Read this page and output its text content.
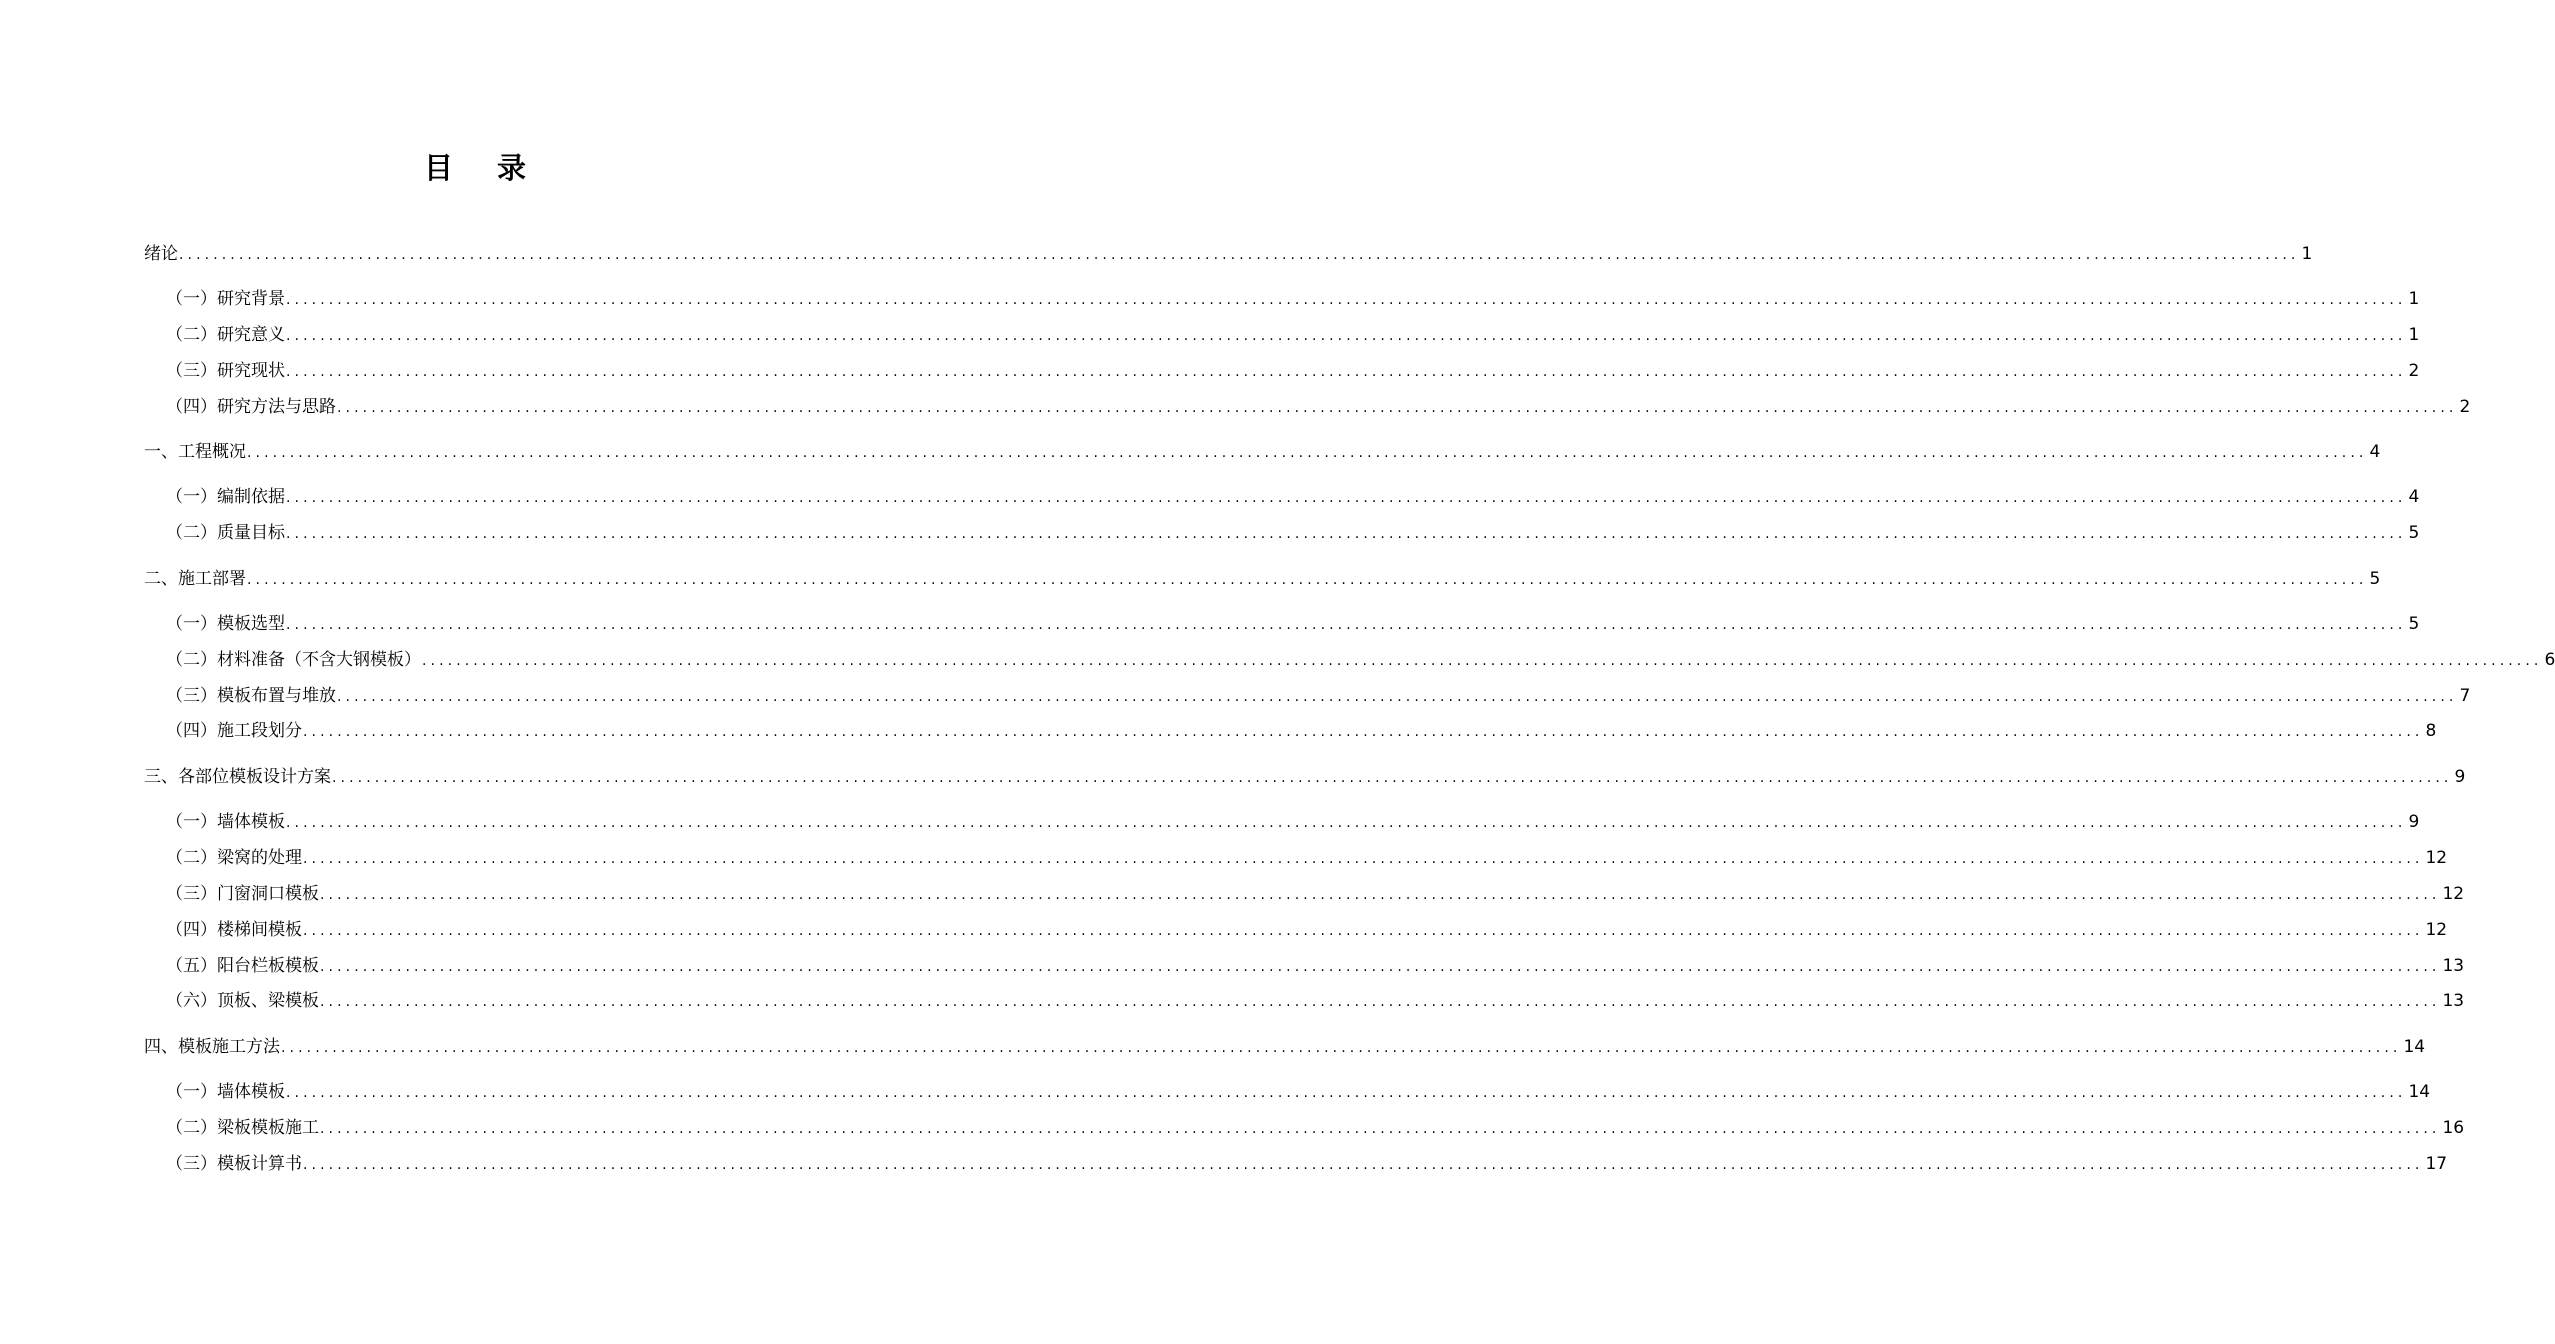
目 录
绪论 ........................................................................................................................................................................................................................................................ 1
（一）研究背景 ........................................................................................................................................................................................................................................................ 1
（二）研究意义 ........................................................................................................................................................................................................................................................ 1
（三）研究现状 ........................................................................................................................................................................................................................................................ 2
（四）研究方法与思路 ........................................................................................................................................................................................................................................................ 2
一、工程概况 ........................................................................................................................................................................................................................................................ 4
（一）编制依据 ........................................................................................................................................................................................................................................................ 4
（二）质量目标 ........................................................................................................................................................................................................................................................ 5
二、施工部署 ........................................................................................................................................................................................................................................................ 5
（一）模板选型 ........................................................................................................................................................................................................................................................ 5
（二）材料准备（不含大钢模板） ........................................................................................................................................................................................................................................................ 6
（三）模板布置与堆放 ........................................................................................................................................................................................................................................................ 7
（四）施工段划分 ........................................................................................................................................................................................................................................................ 8
三、各部位模板设计方案 ........................................................................................................................................................................................................................................................ 9
（一）墙体模板 ........................................................................................................................................................................................................................................................ 9
（二）梁窝的处理 ........................................................................................................................................................................................................................................................ 12
（三）门窗洞口模板 ........................................................................................................................................................................................................................................................ 12
（四）楼梯间模板 ........................................................................................................................................................................................................................................................ 12
（五）阳台栏板模板 ........................................................................................................................................................................................................................................................ 13
（六）顶板、梁模板 ........................................................................................................................................................................................................................................................ 13
四、模板施工方法 ........................................................................................................................................................................................................................................................ 14
（一）墙体模板 ........................................................................................................................................................................................................................................................ 14
（二）梁板模板施工 ........................................................................................................................................................................................................................................................ 16
（三）模板计算书 ........................................................................................................................................................................................................................................................ 17
